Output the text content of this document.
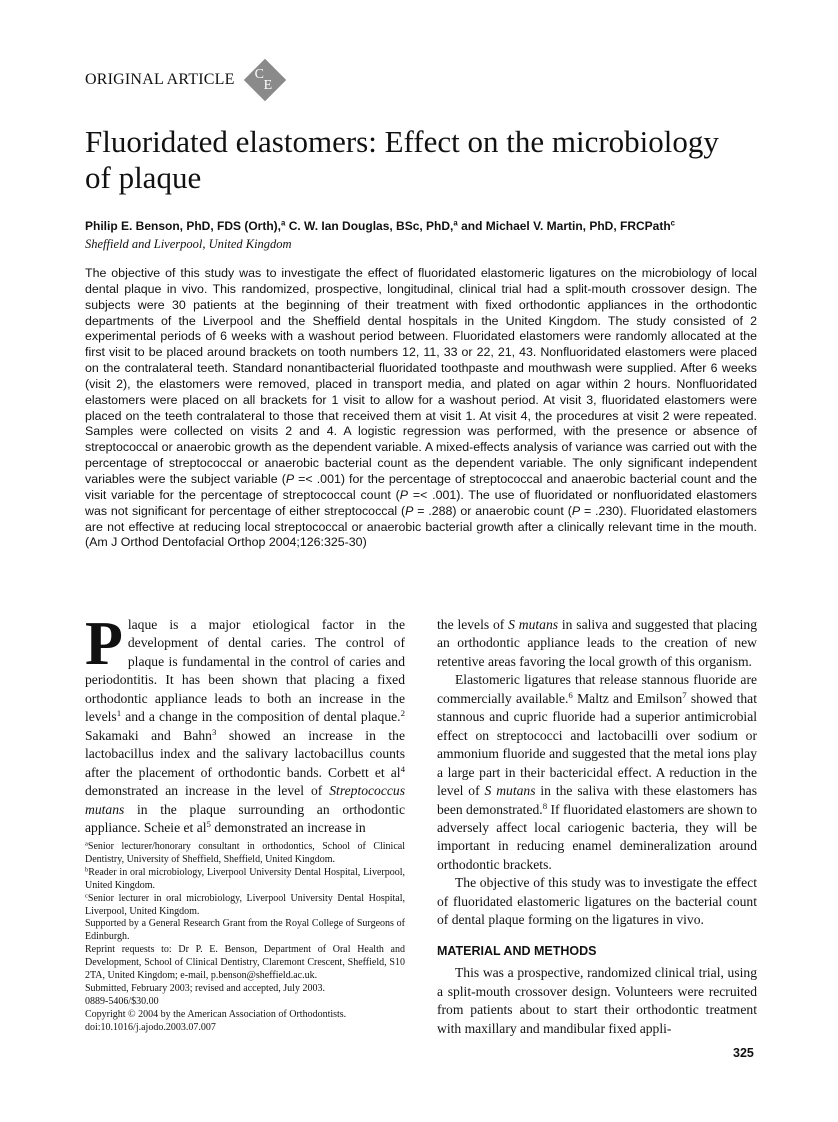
ORIGINAL ARTICLE C
E
Fluoridated elastomers: Effect on the microbiology of plaque
Philip E. Benson, PhD, FDS (Orth),$^a$ C. W. Ian Douglas, BSc, PhD,$^a$ and Michael V. Martin, PhD, FRCPath$^c$
Sheffield and Liverpool, United Kingdom

The objective of this study was to investigate the effect of fluoridated elastomeric ligatures on the microbiology of local dental plaque in vivo. This randomized, prospective, longitudinal, clinical trial had a split-mouth crossover design. The subjects were 30 patients at the beginning of their treatment with fixed orthodontic appliances in the orthodontic departments of the Liverpool and the Sheffield dental hospitals in the United Kingdom. The study consisted of 2 experimental periods of 6 weeks with a washout period between. Fluoridated elastomers were randomly allocated at the first visit to be placed around brackets on tooth numbers 12, 11, 33 or 22, 21, 43. Nonfluoridated elastomers were placed on the contralateral teeth. Standard nonantibacterial fluoridated toothpaste and mouthwash were supplied. After 6 weeks (visit 2), the elastomers were removed, placed in transport media, and plated on agar within 2 hours. Nonfluoridated elastomers were placed on all brackets for 1 visit to allow for a washout period. At visit 3, fluoridated elastomers were placed on the teeth contralateral to those that received them at visit 1. At visit 4, the procedures at visit 2 were repeated. Samples were collected on visits 2 and 4. A logistic regression was performed, with the presence or absence of streptococcal or anaerobic growth as the dependent variable. A mixed-effects analysis of variance was carried out with the percentage of streptococcal or anaerobic bacterial count as the dependent variable. The only significant independent variables were the subject variable (P =< .001) for the percentage of streptococcal and anaerobic bacterial count and the visit variable for the percentage of streptococcal count (P =< .001). The use of fluoridated or nonfluoridated elastomers was not significant for percentage of either streptococcal (P = .288) or anaerobic count (P = .230). Fluoridated elastomers are not effective at reducing local streptococcal or anaerobic bacterial growth after a clinically relevant time in the mouth. (Am J Orthod Dentofacial Orthop 2004;126:325-30)

Plaque is a major etiological factor in the development of dental caries. The control of plaque is fundamental in the control of caries and periodontitis. It has been shown that placing a fixed orthodontic appliance leads to both an increase in the levels$^1$ and a change in the composition of dental plaque.$^2$ Sakamaki and Bahn$^3$ showed an increase in the lactobacillus index and the salivary lactobacillus counts after the placement of orthodontic bands. Corbett et $al^4$ demonstrated an increase in the level of Streptococcus mutans in the plaque surrounding an orthodontic appliance. Scheie et $al^5$ demonstrated an increase in

$^a$Senior lecturer/honorary consultant in orthodontics, School of Clinical Dentistry, University of Sheffield, Sheffield, United Kingdom.

$^b$Reader in oral microbiology, Liverpool University Dental Hospital, Liverpool, United Kingdom.

$^c$Senior lecturer in oral microbiology, Liverpool University Dental Hospital, Liverpool, United Kingdom.

Supported by a General Research Grant from the Royal College of Surgeons of Edinburgh.

Reprint requests to: Dr P. E. Benson, Department of Oral Health and Development, School of Clinical Dentistry, Claremont Crescent, Sheffield, S10 2TA, United Kingdom; e-mail, p.benson@sheffield.ac.uk.

Submitted, February 2003; revised and accepted, July 2003.

0889-5406/$30.00

Copyright © 2004 by the American Association of Orthodontists.

doi:10.1016/j.ajodo.2003.07.007

the levels of S mutans in saliva and suggested that placing an orthodontic appliance leads to the creation of new retentive areas favoring the local growth of this organism.

Elastomeric ligatures that release stannous fluoride are commercially available.$^6$ Maltz and Emilson$^7$ showed that stannous and cupric fluoride had a superior antimicrobial effect on streptococci and lactobacilli over sodium or ammonium fluoride and suggested that the metal ions play a large part in their bactericidal effect. A reduction in the level of S mutans in the saliva with these elastomers has been demonstrated.$^8$ If fluoridated elastomers are shown to adversely affect local cariogenic bacteria, they will be important in reducing enamel demineralization around orthodontic brackets.

The objective of this study was to investigate the effect of fluoridated elastomeric ligatures on the bacterial count of dental plaque forming on the ligatures in vivo.

MATERIAL AND METHODS

This was a prospective, randomized clinical trial, using a split-mouth crossover design. Volunteers were recruited from patients about to start their orthodontic treatment with maxillary and mandibular fixed appli-

325
